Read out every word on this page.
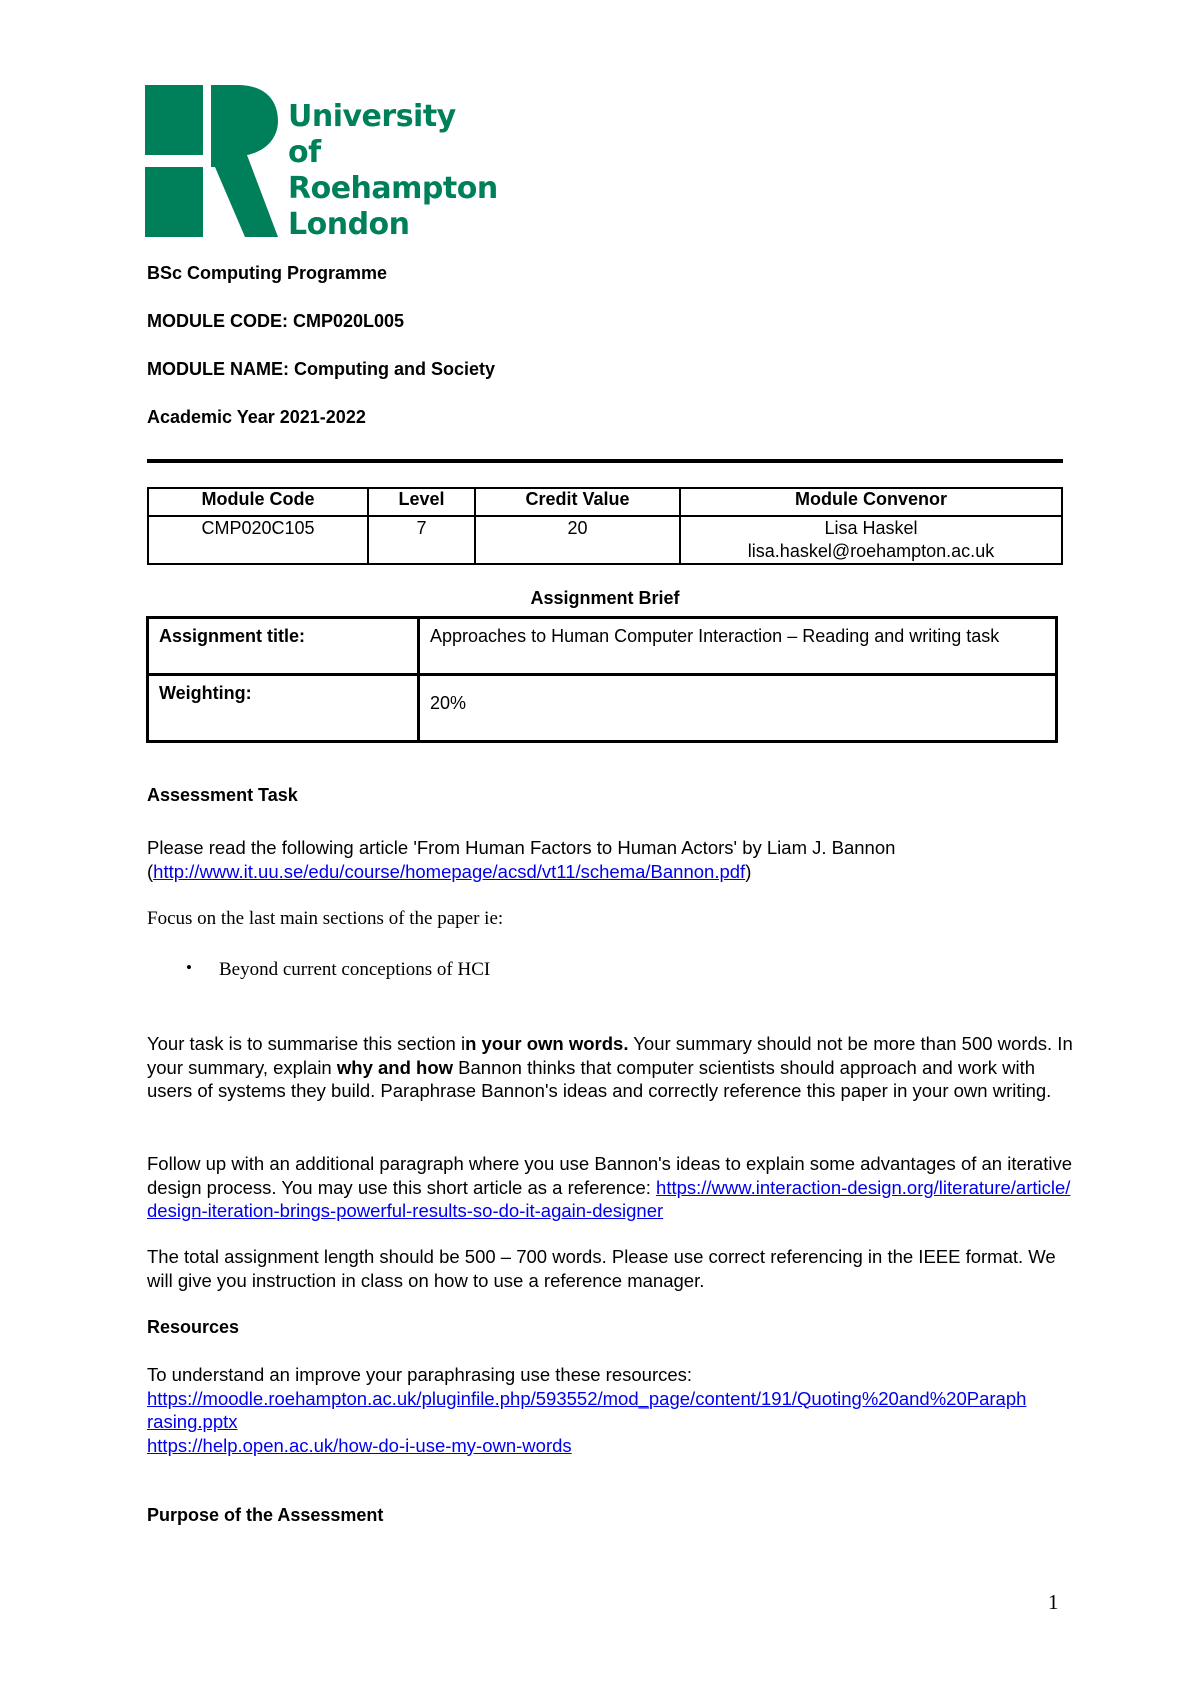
University of
Roehampton
London
BSc Computing Programme
MODULE CODE: CMP020L005
MODULE NAME: Computing and Society
Academic Year 2021-2022
Module Code	Level	Credit Value	Module Convenor
CMP020C105	7	20	Lisa Haskel
lisa.haskel@roehampton.ac.uk
Assignment Brief
Assignment title:	Approaches to Human Computer Interaction – Reading and writing task
Weighting:	20%
Assessment Task
Please read the following article 'From Human Factors to Human Actors' by Liam J. Bannon
(http://www.it.uu.se/edu/course/homepage/acsd/vt11/schema/Bannon.pdf)
Focus on the last main sections of the paper ie:
• Beyond current conceptions of HCI
Your task is to summarise this section in your own words. Your summary should not be more than 500 words. In your summary, explain why and how Bannon thinks that computer scientists should approach and work with users of systems they build. Paraphrase Bannon's ideas and correctly reference this paper in your own writing.
Follow up with an additional paragraph where you use Bannon's ideas to explain some advantages of an iterative design process. You may use this short article as a reference: https://www.interaction-design.org/literature/article/design-iteration-brings-powerful-results-so-do-it-again-designer
The total assignment length should be 500 – 700 words. Please use correct referencing in the IEEE format. We will give you instruction in class on how to use a reference manager.
Resources
To understand an improve your paraphrasing use these resources:
https://moodle.roehampton.ac.uk/pluginfile.php/593552/mod_page/content/191/Quoting%20and%20Paraphrasing.pptx
https://help.open.ac.uk/how-do-i-use-my-own-words
Purpose of the Assessment
1
